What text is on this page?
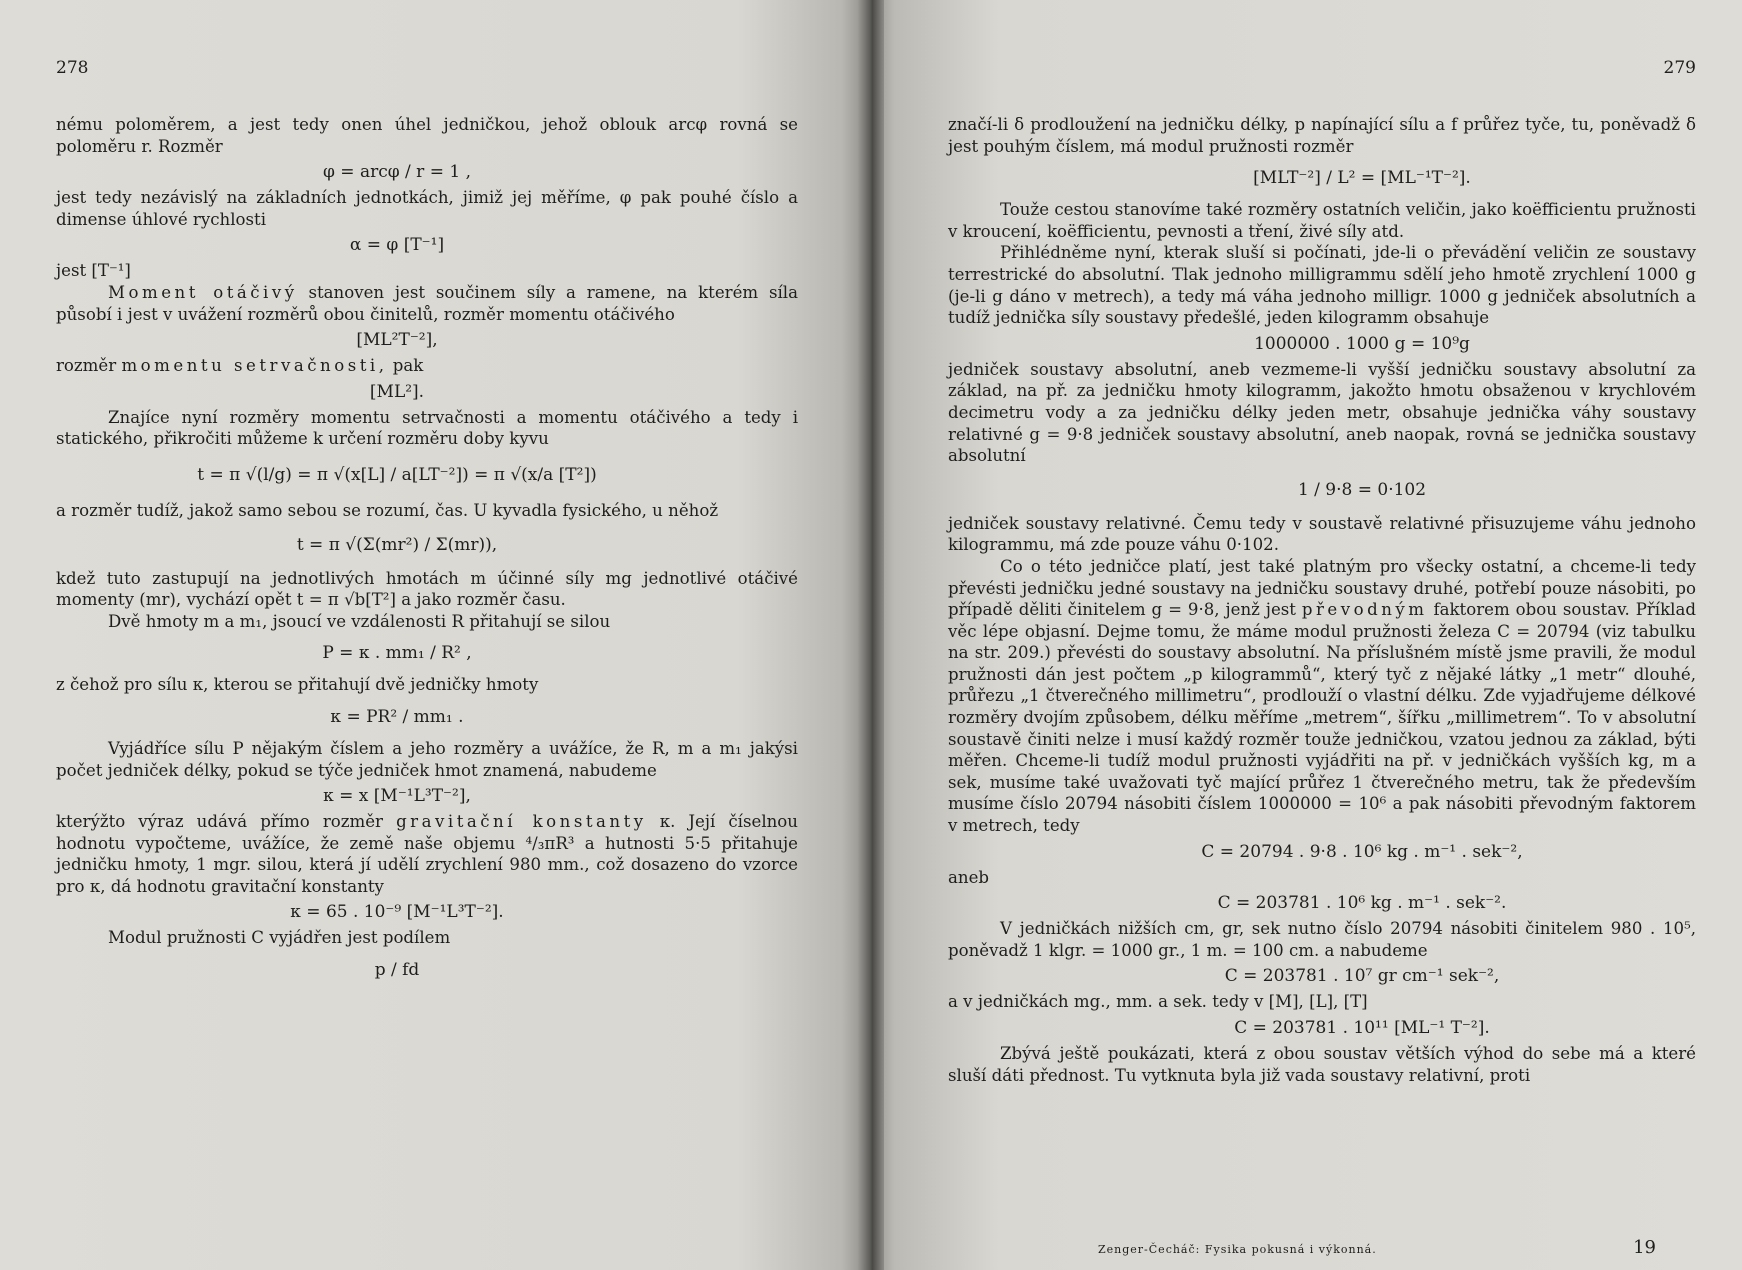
278

nému poloměrem, a jest tedy onen úhel jedničkou, jehož oblouk arcφ rovná se poloměru r. Rozměr

φ = arcφ / r = 1 ,

jest tedy nezávislý na základních jednotkách, jimiž jej měříme, φ pak pouhé číslo a dimense úhlové rychlosti

α = φ [T⁻¹]

jest [T⁻¹]

Moment otáčivý stanoven jest součinem síly a ramene, na kterém síla působí i jest v uvážení rozměrů obou činitelů, rozměr momentu otáčivého

[ML²T⁻²],

rozměr momentu setrvačnosti, pak

[ML²].

Znajíce nyní rozměry momentu setrvačnosti a momentu otáčivého a tedy i statického, přikročiti můžeme k určení rozměru doby kyvu

t = π √(l/g) = π √(x[L] / a[LT⁻²]) = π √(x/a [T²])

a rozměr tudíž, jakož samo sebou se rozumí, čas. U kyvadla fysického, u něhož

t = π √(Σ(mr²) / Σ(mr)),

kdež tuto zastupují na jednotlivých hmotách m účinné síly mg jednotlivé otáčivé momenty (mr), vychází opět t = π √b[T²] a jako rozměr času.

Dvě hmoty m a m₁, jsoucí ve vzdálenosti R přitahují se silou

P = κ . mm₁ / R² ,

z čehož pro sílu κ, kterou se přitahují dvě jedničky hmoty

κ = PR² / mm₁ .

Vyjádříce sílu P nějakým číslem a jeho rozměry a uvážíce, že R, m a m₁ jakýsi počet jedniček délky, pokud se týče jedniček hmot znamená, nabudeme

κ = x [M⁻¹L³T⁻²],

kterýžto výraz udává přímo rozměr gravitační konstanty κ. Její číselnou hodnotu vypočteme, uvážíce, že země naše objemu ⁴/₃πR³ a hutnosti 5·5 přitahuje jedničku hmoty, 1 mgr. silou, která jí udělí zrychlení 980 mm., což dosazeno do vzorce pro κ, dá hodnotu gravitační konstanty

κ = 65 . 10⁻⁹ [M⁻¹L³T⁻²].

Modul pružnosti C vyjádřen jest podílem

p / fd
279

značí-li δ prodloužení na jedničku délky, p napínající sílu a f průřez tyče, tu, poněvadž δ jest pouhým číslem, má modul pružnosti rozměr

[MLT⁻²] / L² = [ML⁻¹T⁻²].

Touže cestou stanovíme také rozměry ostatních veličin, jako koëfficientu pružnosti v kroucení, koëfficientu, pevnosti a tření, živé síly atd.

Přihlédněme nyní, kterak sluší si počínati, jde-li o převádění veličin ze soustavy terrestrické do absolutní. Tlak jednoho milligrammu sdělí jeho hmotě zrychlení 1000 g (je-li g dáno v metrech), a tedy má váha jednoho milligr. 1000 g jedniček absolutních a tudíž jednička síly soustavy předešlé, jeden kilogramm obsahuje

1000000 . 1000 g = 10⁹g

jedniček soustavy absolutní, aneb vezmeme-li vyšší jedničku soustavy absolutní za základ, na př. za jedničku hmoty kilogramm, jakožto hmotu obsaženou v krychlovém decimetru vody a za jedničku délky jeden metr, obsahuje jednička váhy soustavy relativné g = 9·8 jedniček soustavy absolutní, aneb naopak, rovná se jednička soustavy absolutní

1 / 9·8 = 0·102

jedniček soustavy relativné. Čemu tedy v soustavě relativné přisuzujeme váhu jednoho kilogrammu, má zde pouze váhu 0·102.

Co o této jedničce platí, jest také platným pro všecky ostatní, a chceme-li tedy převésti jedničku jedné soustavy na jedničku soustavy druhé, potřebí pouze násobiti, po případě děliti činitelem g = 9·8, jenž jest převodným faktorem obou soustav. Příklad věc lépe objasní. Dejme tomu, že máme modul pružnosti železa C = 20794 (viz tabulku na str. 209.) převésti do soustavy absolutní. Na příslušném místě jsme pravili, že modul pružnosti dán jest počtem „p kilogrammů“, který tyč z nějaké látky „1 metr“ dlouhé, průřezu „1 čtverečného millimetru“, prodlouží o vlastní délku. Zde vyjadřujeme délkové rozměry dvojím způsobem, délku měříme „metrem“, šířku „millimetrem“. To v absolutní soustavě činiti nelze i musí každý rozměr touže jedničkou, vzatou jednou za základ, býti měřen. Chceme-li tudíž modul pružnosti vyjádřiti na př. v jedničkách vyšších kg, m a sek, musíme také uvažovati tyč mající průřez 1 čtverečného metru, tak že především musíme číslo 20794 násobiti číslem 1000000 = 10⁶ a pak násobiti převodným faktorem v metrech, tedy

C = 20794 . 9·8 . 10⁶ kg . m⁻¹ . sek⁻²,

aneb

C = 203781 . 10⁶ kg . m⁻¹ . sek⁻².

V jedničkách nižších cm, gr, sek nutno číslo 20794 násobiti činitelem 980 . 10⁵, poněvadž 1 klgr. = 1000 gr., 1 m. = 100 cm. a nabudeme

C = 203781 . 10⁷ gr cm⁻¹ sek⁻²,

a v jedničkách mg., mm. a sek. tedy v [M], [L], [T]

C = 203781 . 10¹¹ [ML⁻¹ T⁻²].

Zbývá ještě poukázati, která z obou soustav větších výhod do sebe má a které sluší dáti přednost. Tu vytknuta byla již vada soustavy relativní, proti

Zenger-Čecháč: Fysika pokusná i výkonná.	19
